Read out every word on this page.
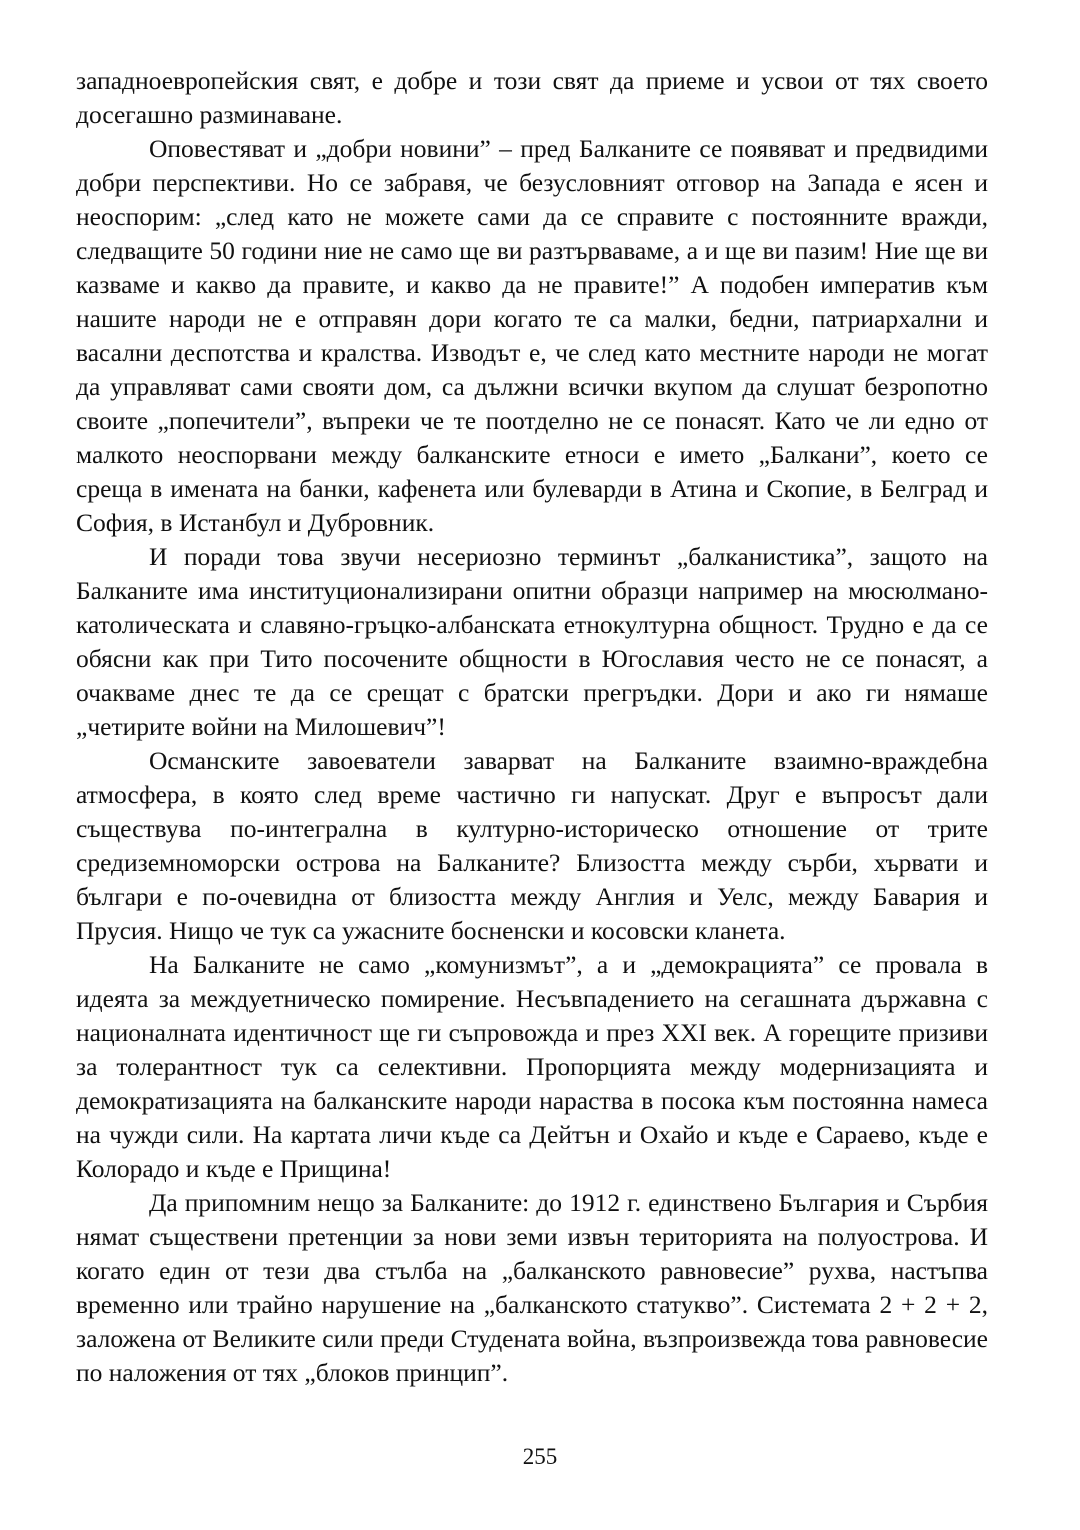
западноевропейския свят, е добре и този свят да приеме и усвои от тях своето досегашно разминаване.

Оповестяват и „добри новини” – пред Балканите се появяват и предвидими добри перспективи. Но се забравя, че безусловният отговор на Запада е ясен и неоспорим: „след като не можете сами да се справите с постоянните вражди, следващите 50 години ние не само ще ви разтърваваме, а и ще ви пазим! Ние ще ви казваме и какво да правите, и какво да не правите!” А подобен императив към нашите народи не е отправян дори когато те са малки, бедни, патриархални и васални деспотства и кралства. Изводът е, че след като местните народи не могат да управляват сами свояти дом, са дължни всички вкупом да слушат безропотно своите „попечители”, въпреки че те поотделно не се понасят. Като че ли едно от малкото неоспорвани между балканските етноси е името „Балкани”, което се среща в имената на банки, кафенета или булеварди в Атина и Скопие, в Белград и София, в Истанбул и Дубровник.

И поради това звучи несериозно терминът „балканистика”, защото на Балканите има институционализирани опитни образци например на мюсюлмано-католическата и славяно-гръцко-албанската етнокултурна общност. Трудно е да се обясни как при Тито посочените общности в Югославия често не се понасят, а очакваме днес те да се срещат с братски прегръдки. Дори и ако ги нямаше „четирите войни на Милошевич”!

Османските завоеватели заварват на Балканите взаимно-враждебна атмосфера, в която след време частично ги напускат. Друг е въпросът дали съществува по-интегрална в културно-историческо отношение от трите средиземноморски острова на Балканите? Близостта между сърби, хървати и българи е по-очевидна от близостта между Англия и Уелс, между Бавария и Прусия. Нищо че тук са ужасните босненски и косовски кланета.

На Балканите не само „комунизмът”, а и „демокрацията” се провала в идеята за междуетническо помирение. Несъвпадението на сегашната държавна с националната идентичност ще ги съпровожда и през XXI век. А горещите призиви за толерантност тук са селективни. Пропорцията между модернизацията и демократизацията на балканските народи нараства в посока към постоянна намеса на чужди сили. На картата личи къде са Дейтън и Охайо и къде е Сараево, къде е Колорадо и къде е Прищина!

Да припомним нещо за Балканите: до 1912 г. единствено България и Сърбия нямат съществени претенции за нови земи извън територията на полуострова. И когато един от тези два стълба на „балканското равновесие” рухва, настъпва временно или трайно нарушение на „балканското статукво”. Системата 2 + 2 + 2, заложена от Великите сили преди Студената война, възпроизвежда това равновесие по наложения от тях „блоков принцип”.

255
